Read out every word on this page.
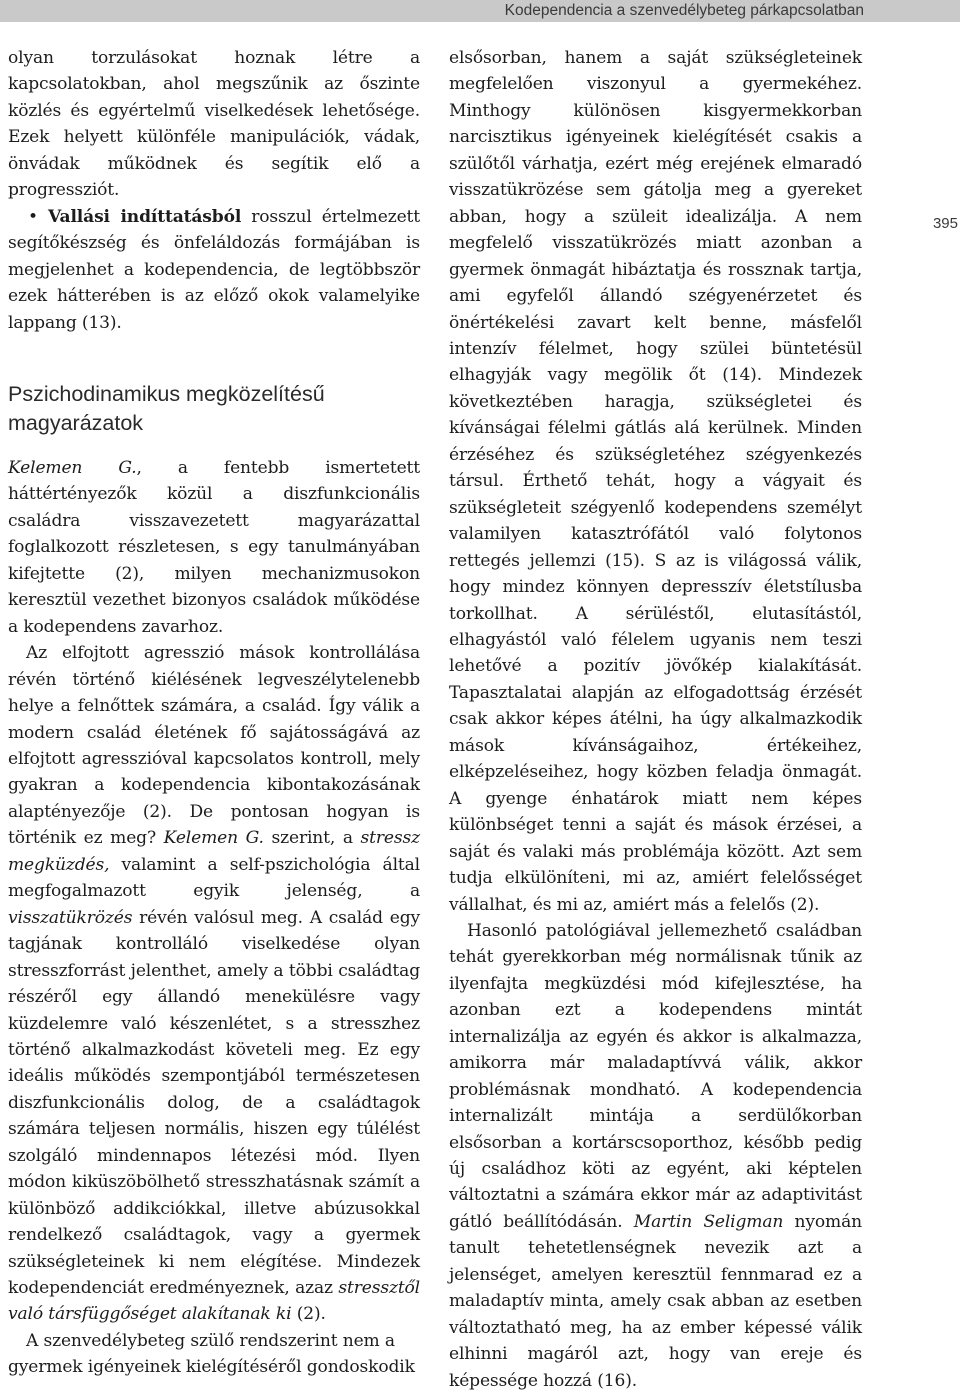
Kodependencia a szenvedélybeteg párkapcsolatban
395

olyan torzulásokat hoznak létre a kapcsolatokban, ahol megszűnik az őszinte közlés és egyértelmű viselkedések lehetősége. Ezek helyett különféle manipulációk, vádak, önvádak működnek és segítik elő a progressziót.

• Vallási indíttatásból rosszul értelmezett segítőkészség és önfeláldozás formájában is megjelenhet a kodependencia, de legtöbbször ezek hátterében is az előző okok valamelyike lappang (13).

Pszichodinamikus megközelítésű magyarázatok

Kelemen G., a fentebb ismertetett háttértényezők közül a diszfunkcionális családra visszavezetett magyarázattal foglalkozott részletesen, s egy tanulmányában kifejtette (2), milyen mechanizmusokon keresztül vezethet bizonyos családok működése a kodependens zavarhoz.

Az elfojtott agresszió mások kontrollálása révén történő kiélésének legveszélytelenebb helye a felnőttek számára, a család. Így válik a modern család életének fő sajátosságává az elfojtott agresszióval kapcsolatos kontroll, mely gyakran a kodependencia kibontakozásának alaptényezője (2). De pontosan hogyan is történik ez meg? Kelemen G. szerint, a stressz megküzdés, valamint a self-pszichológia által megfogalmazott egyik jelenség, a visszatükrözés révén valósul meg. A család egy tagjának kontrolláló viselkedése olyan stresszforrást jelenthet, amely a többi családtag részéről egy állandó menekülésre vagy küzdelemre való készenlétet, s a stresszhez történő alkalmazkodást követeli meg. Ez egy ideális működés szempontjából természetesen diszfunkcionális dolog, de a családtagok számára teljesen normális, hiszen egy túlélést szolgáló mindennapos létezési mód. Ilyen módon kiküszöbölhető stresszhatásnak számít a különböző addikciókkal, illetve abúzusokkal rendelkező családtagok, vagy a gyermek szükségleteinek ki nem elégítése. Mindezek kodependenciát eredményeznek, azaz stressztől való társfüggőséget alakítanak ki (2).

A szenvedélybeteg szülő rendszerint nem a gyermek igényeinek kielégítéséről gondoskodik

elsősorban, hanem a saját szükségleteinek megfelelően viszonyul a gyermekéhez. Minthogy különösen kisgyermekkorban narcisztikus igényeinek kielégítését csakis a szülőtől várhatja, ezért még erejének elmaradó visszatükrözése sem gátolja meg a gyereket abban, hogy a szüleit idealizálja. A nem megfelelő visszatükrözés miatt azonban a gyermek önmagát hibáztatja és rossznak tartja, ami egyfelől állandó szégyenérzetet és önértékelési zavart kelt benne, másfelől intenzív félelmet, hogy szülei büntetésül elhagyják vagy megölik őt (14). Mindezek következtében haragja, szükségletei és kívánságai félelmi gátlás alá kerülnek. Minden érzéséhez és szükségletéhez szégyenkezés társul. Érthető tehát, hogy a vágyait és szükségleteit szégyenlő kodependens személyt valamilyen katasztrófától való folytonos rettegés jellemzi (15). S az is világossá válik, hogy mindez könnyen depresszív életstílusba torkollhat. A sérüléstől, elutasítástól, elhagyástól való félelem ugyanis nem teszi lehetővé a pozitív jövőkép kialakítását. Tapasztalatai alapján az elfogadottság érzését csak akkor képes átélni, ha úgy alkalmazkodik mások kívánságaihoz, értékeihez, elképzeléseihez, hogy közben feladja önmagát. A gyenge énhatárok miatt nem képes különbséget tenni a saját és mások érzései, a saját és valaki más problémája között. Azt sem tudja elkülöníteni, mi az, amiért felelősséget vállalhat, és mi az, amiért más a felelős (2).

Hasonló patológiával jellemezhető családban tehát gyerekkorban még normálisnak tűnik az ilyenfajta megküzdési mód kifejlesztése, ha azonban ezt a kodependens mintát internalizálja az egyén és akkor is alkalmazza, amikorra már maladaptívvá válik, akkor problémásnak mondható. A kodependencia internalizált mintája a serdülőkorban elsősorban a kortárscsoporthoz, később pedig új családhoz köti az egyént, aki képtelen változtatni a számára ekkor már az adaptivitást gátló beállítódásán. Martin Seligman nyomán tanult tehetetlenségnek nevezik azt a jelenséget, amelyen keresztül fennmarad ez a maladaptív minta, amely csak abban az esetben változtatható meg, ha az ember képessé válik elhinni magáról azt, hogy van ereje és képessége hozzá (16).
